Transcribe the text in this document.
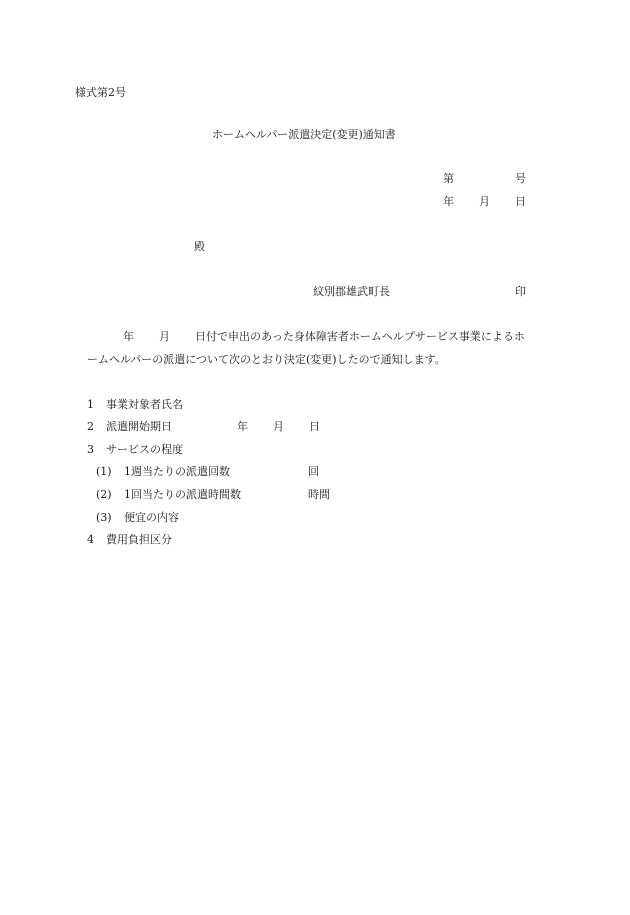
様式第2号
ホームヘルパー派遣決定(変更)通知書
第	号
年 月 日
殿
紋別郡雄武町長	印
年 月 日付で申出のあった身体障害者ホームヘルプサービス事業によるホ
ームヘルパーの派遣について次のとおり決定(変更)したので通知します。
1 事業対象者氏名
2 派遣開始期日	年 月 日
3 サービスの程度
(1) 1週当たりの派遣回数	回
(2) 1回当たりの派遣時間数	時間
(3) 便宜の内容
4 費用負担区分
